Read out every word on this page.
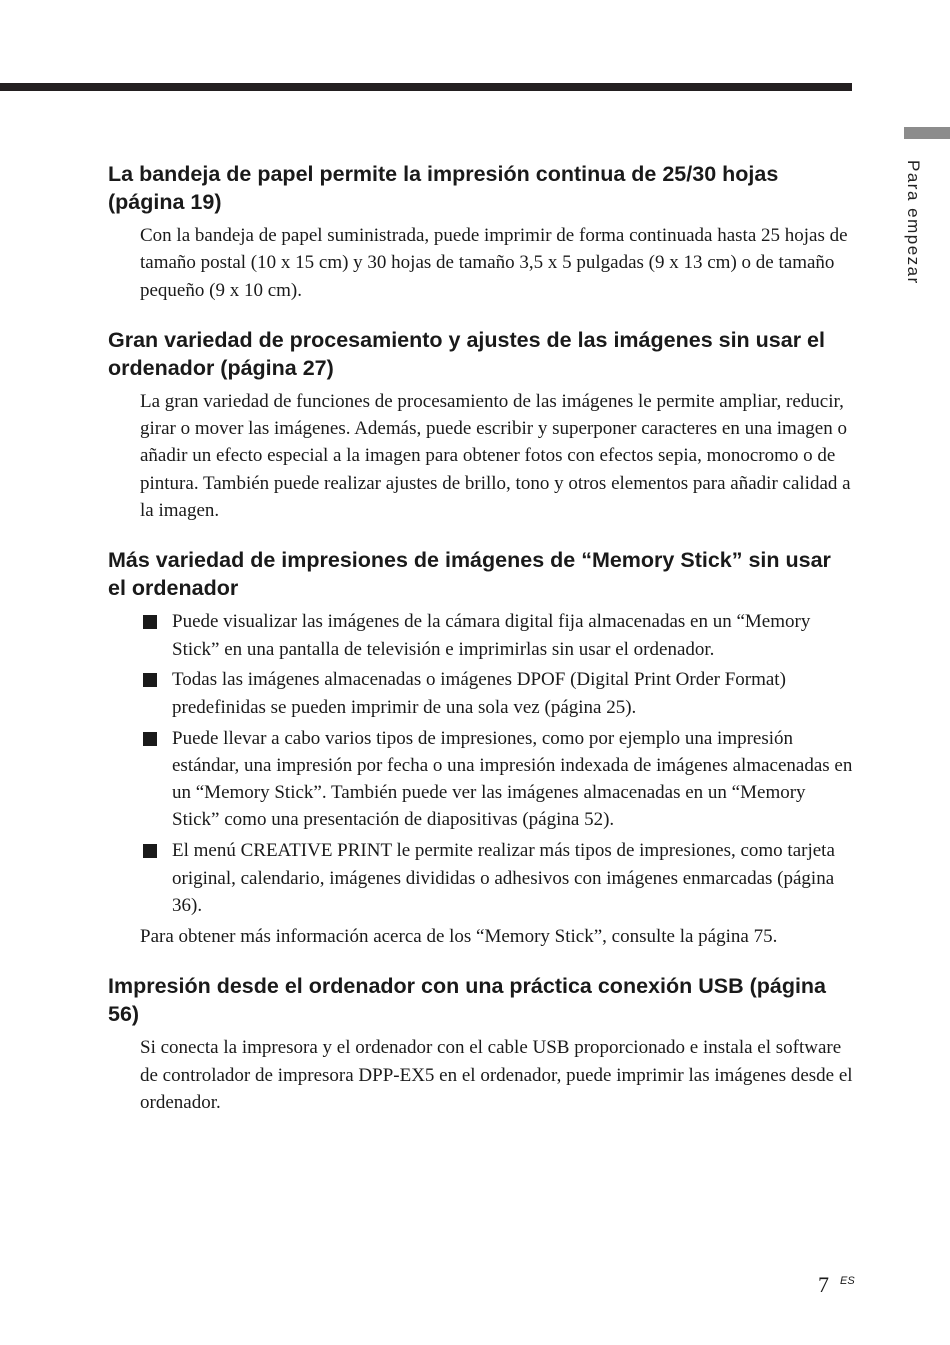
Para empezar
La bandeja de papel permite la impresión continua de 25/30 hojas (página 19)

Con la bandeja de papel suministrada, puede imprimir de forma continuada hasta 25 hojas de tamaño postal (10 x 15 cm) y 30 hojas de tamaño 3,5 x 5 pulgadas (9 x 13 cm) o de tamaño pequeño (9 x 10 cm).

Gran variedad de procesamiento y ajustes de las imágenes sin usar el ordenador (página 27)

La gran variedad de funciones de procesamiento de las imágenes le permite ampliar, reducir, girar o mover las imágenes. Además, puede escribir y superponer caracteres en una imagen o añadir un efecto especial a la imagen para obtener fotos con efectos sepia, monocromo o de pintura. También puede realizar ajustes de brillo, tono y otros elementos para añadir calidad a la imagen.

Más variedad de impresiones de imágenes de “Memory Stick” sin usar el ordenador
Puede visualizar las imágenes de la cámara digital fija almacenadas en un “Memory Stick” en una pantalla de televisión e imprimirlas sin usar el ordenador.
Todas las imágenes almacenadas o imágenes DPOF (Digital Print Order Format) predefinidas se pueden imprimir de una sola vez (página 25).
Puede llevar a cabo varios tipos de impresiones, como por ejemplo una impresión estándar, una impresión por fecha o una impresión indexada de imágenes almacenadas en un “Memory Stick”. También puede ver las imágenes almacenadas en un “Memory Stick” como una presentación de diapositivas (página 52).
El menú CREATIVE PRINT le permite realizar más tipos de impresiones, como tarjeta original, calendario, imágenes divididas o adhesivos con imágenes enmarcadas (página 36).

Para obtener más información acerca de los “Memory Stick”, consulte la página 75.

Impresión desde el ordenador con una práctica conexión USB (página 56)

Si conecta la impresora y el ordenador con el cable USB proporcionado e instala el software de controlador de impresora DPP-EX5 en el ordenador, puede imprimir las imágenes desde el ordenador.

7 ES
